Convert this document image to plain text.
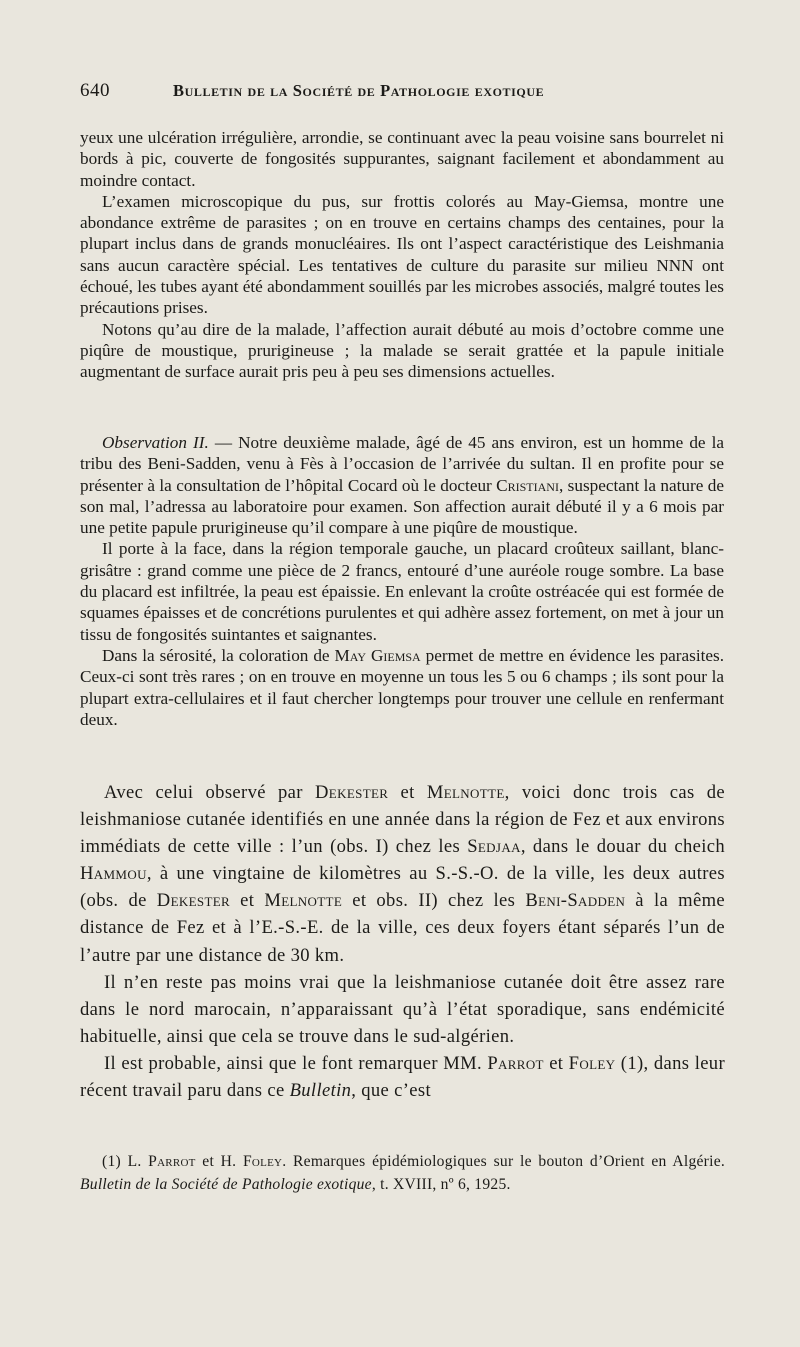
640	Bulletin de la Société de Pathologie exotique

yeux une ulcération irrégulière, arrondie, se continuant avec la peau voisine sans bourrelet ni bords à pic, couverte de fongosités suppurantes, saignant facilement et abondamment au moindre contact.

L’examen microscopique du pus, sur frottis colorés au May-Giemsa, montre une abondance extrême de parasites ; on en trouve en certains champs des centaines, pour la plupart inclus dans de grands monucléaires. Ils ont l’aspect caractéristique des Leishmania sans aucun caractère spécial. Les tentatives de culture du parasite sur milieu NNN ont échoué, les tubes ayant été abondamment souillés par les microbes associés, malgré toutes les précautions prises.

Notons qu’au dire de la malade, l’affection aurait débuté au mois d’octobre comme une piqûre de moustique, prurigineuse ; la malade se serait grattée et la papule initiale augmentant de surface aurait pris peu à peu ses dimensions actuelles.

Observation II. — Notre deuxième malade, âgé de 45 ans environ, est un homme de la tribu des Beni-Sadden, venu à Fès à l’occasion de l’arrivée du sultan. Il en profite pour se présenter à la consultation de l’hôpital Cocard où le docteur Cristiani, suspectant la nature de son mal, l’adressa au laboratoire pour examen. Son affection aurait débuté il y a 6 mois par une petite papule prurigineuse qu’il compare à une piqûre de moustique.

Il porte à la face, dans la région temporale gauche, un placard croûteux saillant, blanc-grisâtre : grand comme une pièce de 2 francs, entouré d’une auréole rouge sombre. La base du placard est infiltrée, la peau est épaissie. En enlevant la croûte ostréacée qui est formée de squames épaisses et de concrétions purulentes et qui adhère assez fortement, on met à jour un tissu de fongosités suintantes et saignantes.

Dans la sérosité, la coloration de May Giemsa permet de mettre en évidence les parasites. Ceux-ci sont très rares ; on en trouve en moyenne un tous les 5 ou 6 champs ; ils sont pour la plupart extra-cellulaires et il faut chercher longtemps pour trouver une cellule en renfermant deux.

Avec celui observé par Dekester et Melnotte, voici donc trois cas de leishmaniose cutanée identifiés en une année dans la région de Fez et aux environs immédiats de cette ville : l’un (obs. I) chez les Sedjaa, dans le douar du cheich Hammou, à une vingtaine de kilomètres au S.-S.-O. de la ville, les deux autres (obs. de Dekester et Melnotte et obs. II) chez les Beni-Sadden à la même distance de Fez et à l’E.-S.-E. de la ville, ces deux foyers étant séparés l’un de l’autre par une distance de 30 km.

Il n’en reste pas moins vrai que la leishmaniose cutanée doit être assez rare dans le nord marocain, n’apparaissant qu’à l’état sporadique, sans endémicité habituelle, ainsi que cela se trouve dans le sud-algérien.

Il est probable, ainsi que le font remarquer MM. Parrot et Foley (1), dans leur récent travail paru dans ce Bulletin, que c’est

(1) L. Parrot et H. Foley. Remarques épidémiologiques sur le bouton d’Orient en Algérie. Bulletin de la Société de Pathologie exotique, t. XVIII, nº 6, 1925.
